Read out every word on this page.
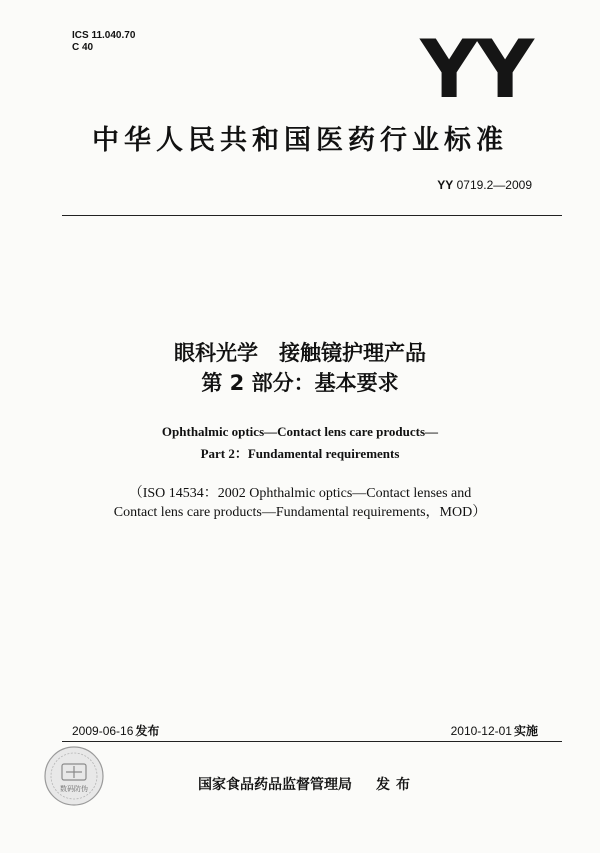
ICS 11.040.70
C 40	YY
中华人民共和国医药行业标准
YY 0719.2—2009
眼科光学　接触镜护理产品
第 2 部分：基本要求
Ophthalmic optics—Contact lens care products—
Part 2：Fundamental requirements
（ISO 14534：2002 Ophthalmic optics—Contact lenses and
Contact lens care products—Fundamental requirements，MOD）
2009-06-16 发布	2010-12-01 实施
数码防伪	国家食品药品监督管理局 发布
